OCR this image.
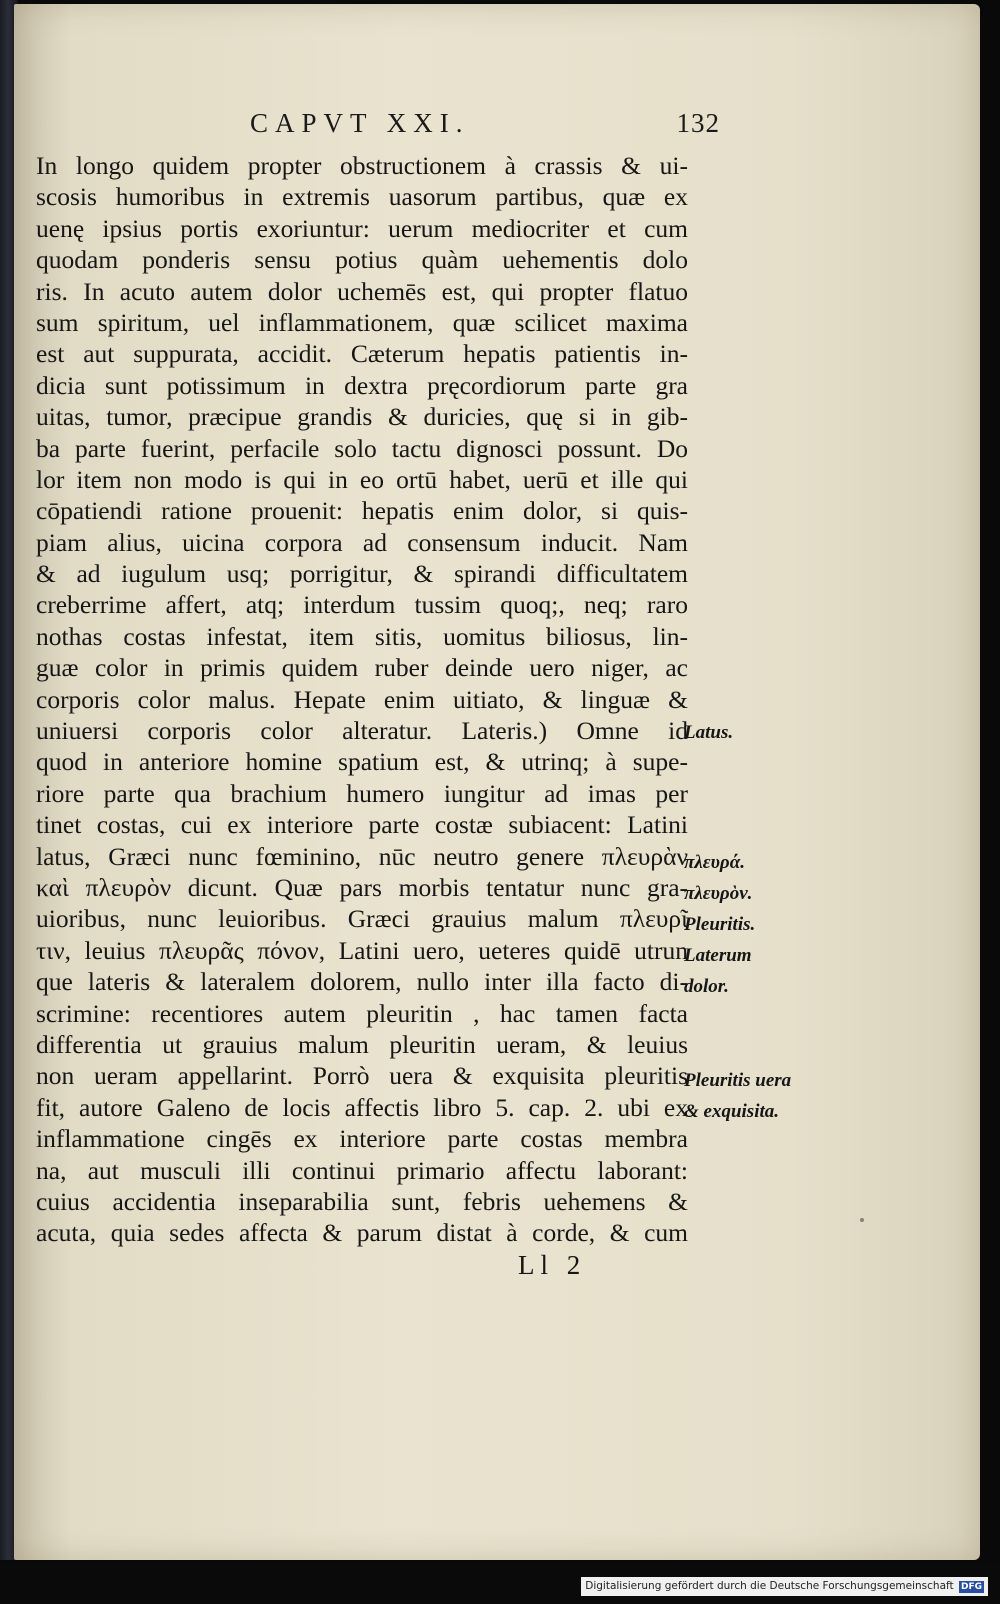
CAPVT XXI.	132
In longo quidem propter obstructionem à crassis & ui-
scosis humoribus in extremis uasorum partibus, quæ ex
uenę ipsius portis exoriuntur: uerum mediocriter et cum
quodam ponderis sensu potius quàm uehementis dolo
ris. In acuto autem dolor uchemēs est, qui propter flatuo
sum spiritum, uel inflammationem, quæ scilicet maxima
est aut suppurata, accidit. Cæterum hepatis patientis in-
dicia sunt potissimum in dextra pręcordiorum parte gra
uitas, tumor, præcipue grandis & duricies, quę si in gib-
ba parte fuerint, perfacile solo tactu dignosci possunt. Do
lor item non modo is qui in eo ortū habet, uerū et ille qui
cōpatiendi ratione prouenit: hepatis enim dolor, si quis-
piam alius, uicina corpora ad consensum inducit. Nam
& ad iugulum usq; porrigitur, & spirandi difficultatem
creberrime affert, atq; interdum tussim quoq;, neq; raro
nothas costas infestat, item sitis, uomitus biliosus, lin-
guæ color in primis quidem ruber deinde uero niger, ac
corporis color malus. Hepate enim uitiato, & linguæ &
uniuersi corporis color alteratur. Lateris.) Omne id
quod in anteriore homine spatium est, & utrinq; à supe-
riore parte qua brachium humero iungitur ad imas per
tinet costas, cui ex interiore parte costæ subiacent: Latini
latus, Græci nunc fœminino, nūc neutro genere πλευρὰν
καὶ πλευρὸν dicunt. Quæ pars morbis tentatur nunc gra-
uioribus, nunc leuioribus. Græci grauius malum πλευρῖ
τιν, leuius πλευρᾶς πόνον, Latini uero, ueteres quidē utrun
que lateris & lateralem dolorem, nullo inter illa facto di-
scrimine: recentiores autem pleuritin , hac tamen facta
differentia ut grauius malum pleuritin ueram, & leuius
non ueram appellarint. Porrò uera & exquisita pleuritis
fit, autore Galeno de locis affectis libro 5. cap. 2. ubi ex
inflammatione cingēs ex interiore parte costas membra
na, aut musculi illi continui primario affectu laborant:
cuius accidentia inseparabilia sunt, febris uehemens &
acuta, quia sedes affecta & parum distat à corde, & cum
Latus.
πλευρά.
πλευρὸν.
Pleuritis.
Laterum
dolor.
Pleuritis uera
& exquisita.
Ll 2
Digitalisierung gefördert durch die Deutsche Forschungsgemeinschaft DFG
